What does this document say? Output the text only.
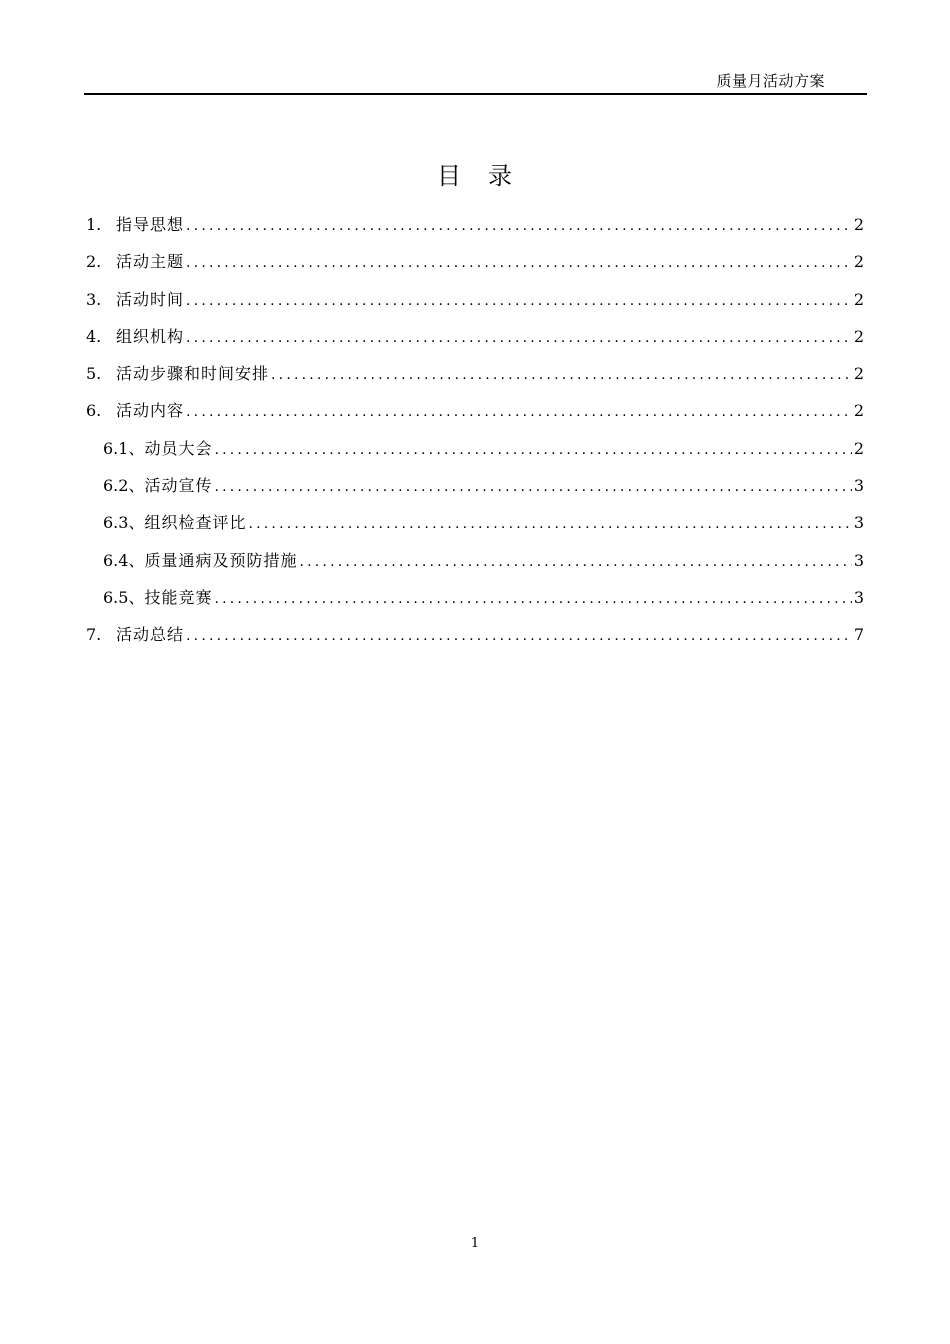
质量月活动方案
目 录
1. 指导思想 .....	2
2. 活动主题 .....	2
3. 活动时间 .....	2
4. 组织机构 .....	2
5. 活动步骤和时间安排 .....	2
6. 活动内容 .....	2
6.1、 动员大会 .....	2
6.2、 活动宣传 .....	3
6.3、 组织检查评比 .....	3
6.4、 质量通病及预防措施 .....	3
6.5、 技能竞赛 .....	3
7. 活动总结 .....	7
1
